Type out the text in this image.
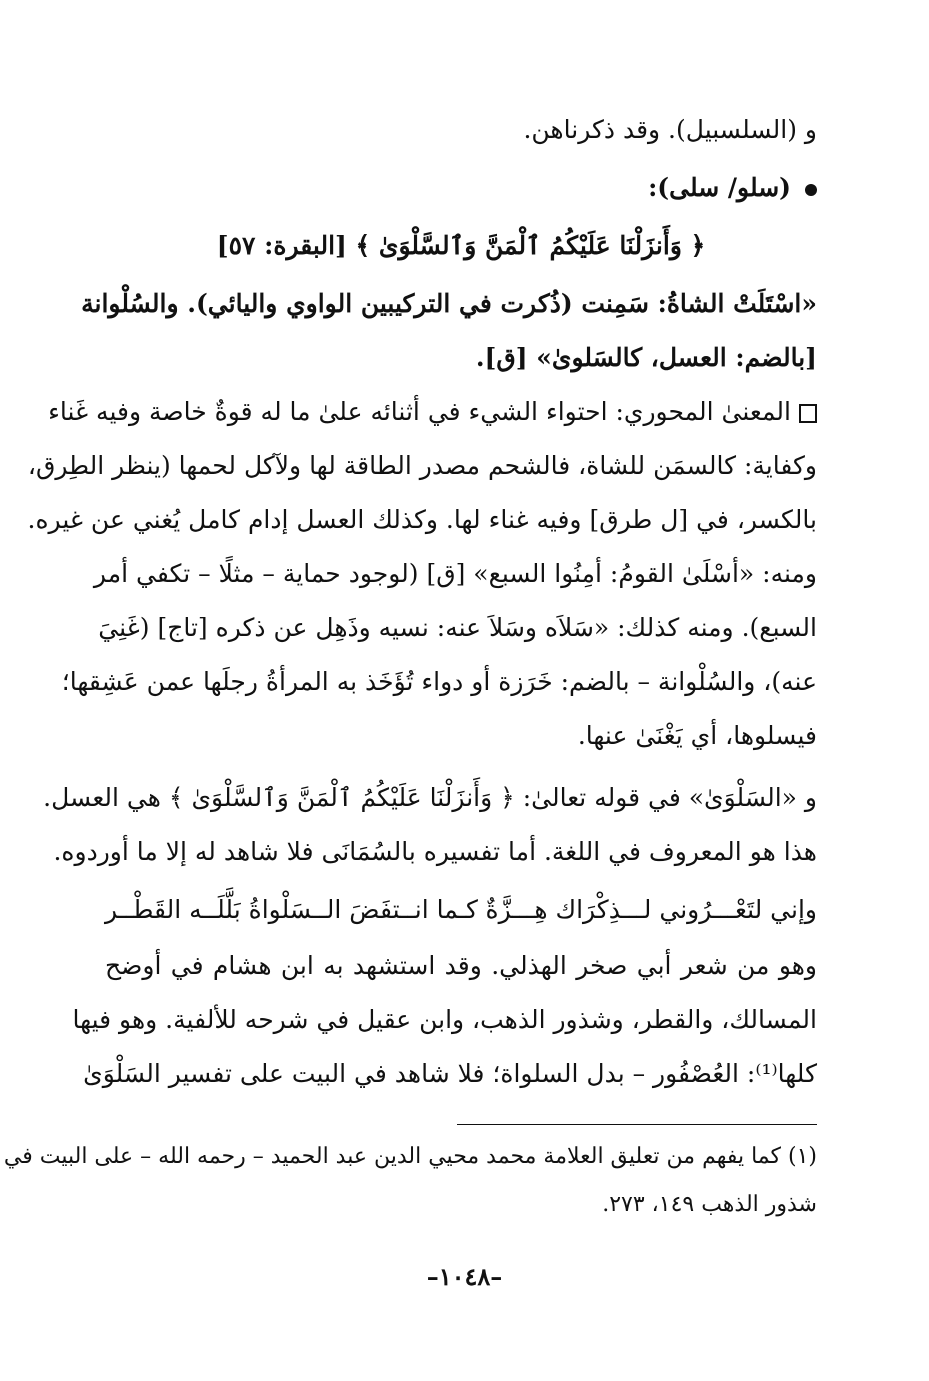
و (السلسبيل). وقد ذكرناهن.
(سلو/ سلى):
﴿ وَأَنزَلْنَا عَلَيْكُمُ ٱلْمَنَّ وَٱلسَّلْوَىٰ ﴾ [البقرة: ٥٧]
«اسْتَلَتْ الشاةُ: سَمِنت (ذُكرت في التركيبين الواوي واليائي). والسُلْوانة
[بالضم: العسل، كالسَلوىٰ» [ق].
المعنىٰ المحوري: احتواء الشيء في أثنائه علىٰ ما له قوةٌ خاصة وفيه غَناء
وكفاية: كالسمَن للشاة، فالشحم مصدر الطاقة لها ولآكل لحمها (ينظر الطِرق،
بالكسر، في [ل طرق] وفيه غناء لها. وكذلك العسل إدام كامل يُغني عن غيره.
ومنه: «أسْلَىٰ القومُ: أمِنُوا السبع» [ق] (لوجود حماية – مثلًا – تكفي أمر
السبع). ومنه كذلك: «سَلاَه وسَلاَ عنه: نسيه وذَهِل عن ذكره [تاج] (غَنِيَ
عنه)، والسُلْوانة – بالضم: خَرَزة أو دواء تُؤَخَذ به المرأةُ رجلَها عمن عَشِقها؛
فيسلوها، أي يَغْنَىٰ عنها.
و «السَلْوَىٰ» في قوله تعالىٰ: ﴿ وَأَنزَلْنَا عَلَيْكُمُ ٱلْمَنَّ وَٱلسَّلْوَىٰ ﴾ هي العسل.
هذا هو المعروف في اللغة. أما تفسيره بالسُمَانَى فلا شاهد له إلا ما أوردوه.
وإني لتَعْـــرُوني لـــذِكْرَاك هِـــزَّةٌ
كـما انــتفَضَ الــسَلْواةُ بَلَّلَــه القَطْــر
وهو من شعر أبي صخر الهذلي. وقد استشهد به ابن هشام في أوضح
المسالك، والقطر، وشذور الذهب، وابن عقيل في شرحه للألفية. وهو فيها
كلها⁽¹⁾: العُصْفُور – بدل السلواة؛ فلا شاهد في البيت على تفسير السَلْوَىٰ
(١) كما يفهم من تعليق العلامة محمد محيي الدين عبد الحميد – رحمه الله – على البيت في
شذور الذهب ١٤٩، ٢٧٣.
–١٠٤٨–
